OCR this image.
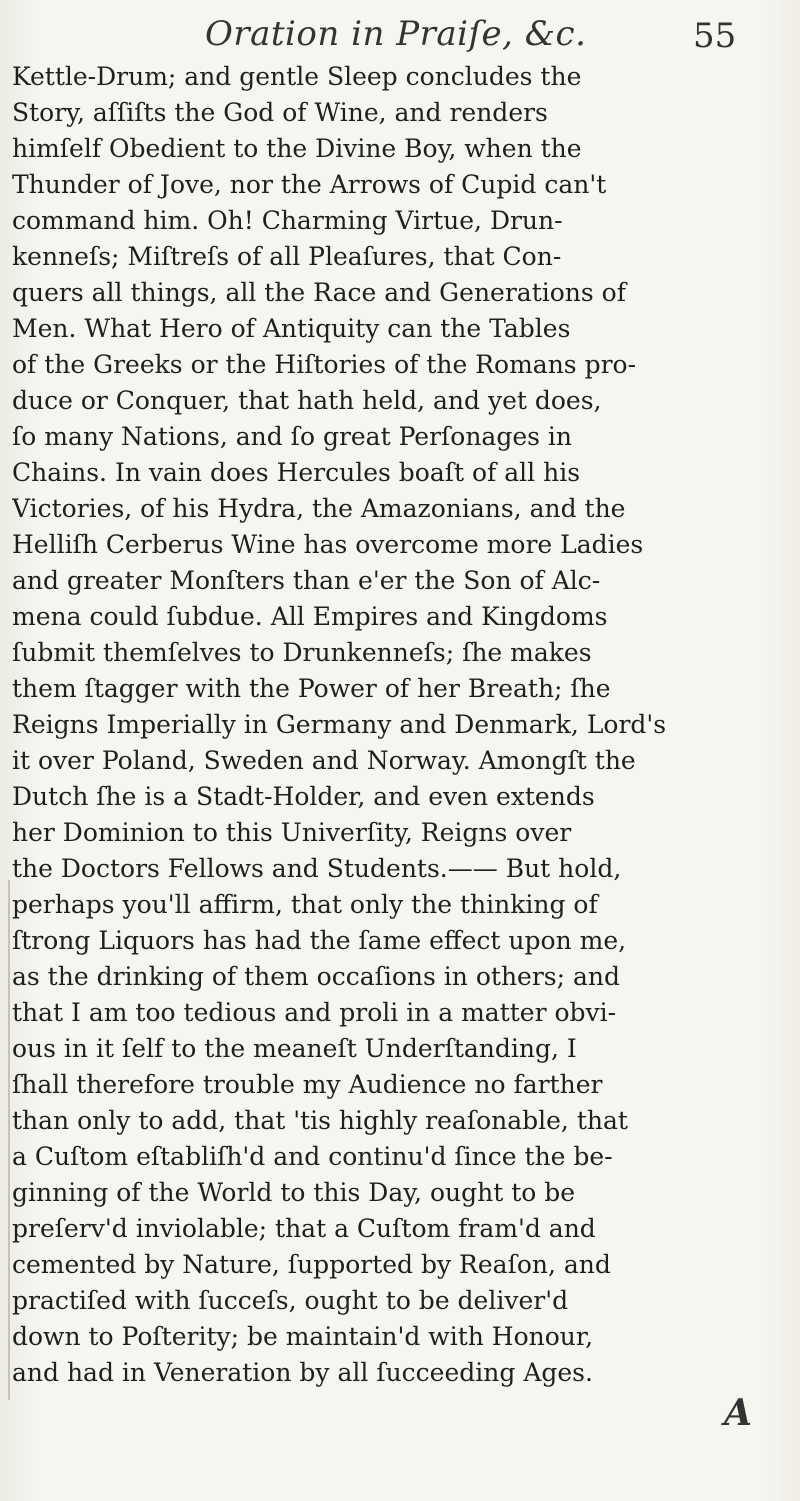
Oration in Praiſe, &c.	55
Kettle-Drum; and gentle Sleep concludes the
Story, aſſiſts the God of Wine, and renders
himſelf Obedient to the Divine Boy, when the
Thunder of Jove, nor the Arrows of Cupid can't
command him. Oh! Charming Virtue, Drun-
kenneſs; Miſtreſs of all Pleaſures, that Con-
quers all things, all the Race and Generations of
Men. What Hero of Antiquity can the Tables
of the Greeks or the Hiſtories of the Romans pro-
duce or Conquer, that hath held, and yet does,
ſo many Nations, and ſo great Perſonages in
Chains. In vain does Hercules boaſt of all his
Victories, of his Hydra, the Amazonians, and the
Helliſh Cerberus Wine has overcome more Ladies
and greater Monſters than e'er the Son of Alc-
mena could ſubdue. All Empires and Kingdoms
ſubmit themſelves to Drunkenneſs; ſhe makes
them ſtagger with the Power of her Breath; ſhe
Reigns Imperially in Germany and Denmark, Lord's
it over Poland, Sweden and Norway. Amongſt the
Dutch ſhe is a Stadt-Holder, and even extends
her Dominion to this Univerſity, Reigns over
the Doctors Fellows and Students.—— But hold,
perhaps you'll affirm, that only the thinking of
ſtrong Liquors has had the ſame effect upon me,
as the drinking of them occaſions in others; and
that I am too tedious and proli in a matter obvi-
ous in it ſelf to the meaneſt Underſtanding, I
ſhall therefore trouble my Audience no farther
than only to add, that 'tis highly reaſonable, that
a Cuſtom eſtabliſh'd and continu'd ſince the be-
ginning of the World to this Day, ought to be
preſerv'd inviolable; that a Cuſtom fram'd and
cemented by Nature, ſupported by Reaſon, and
practiſed with ſucceſs, ought to be deliver'd
down to Poſterity; be maintain'd with Honour,
and had in Veneration by all ſucceeding Ages.
A
